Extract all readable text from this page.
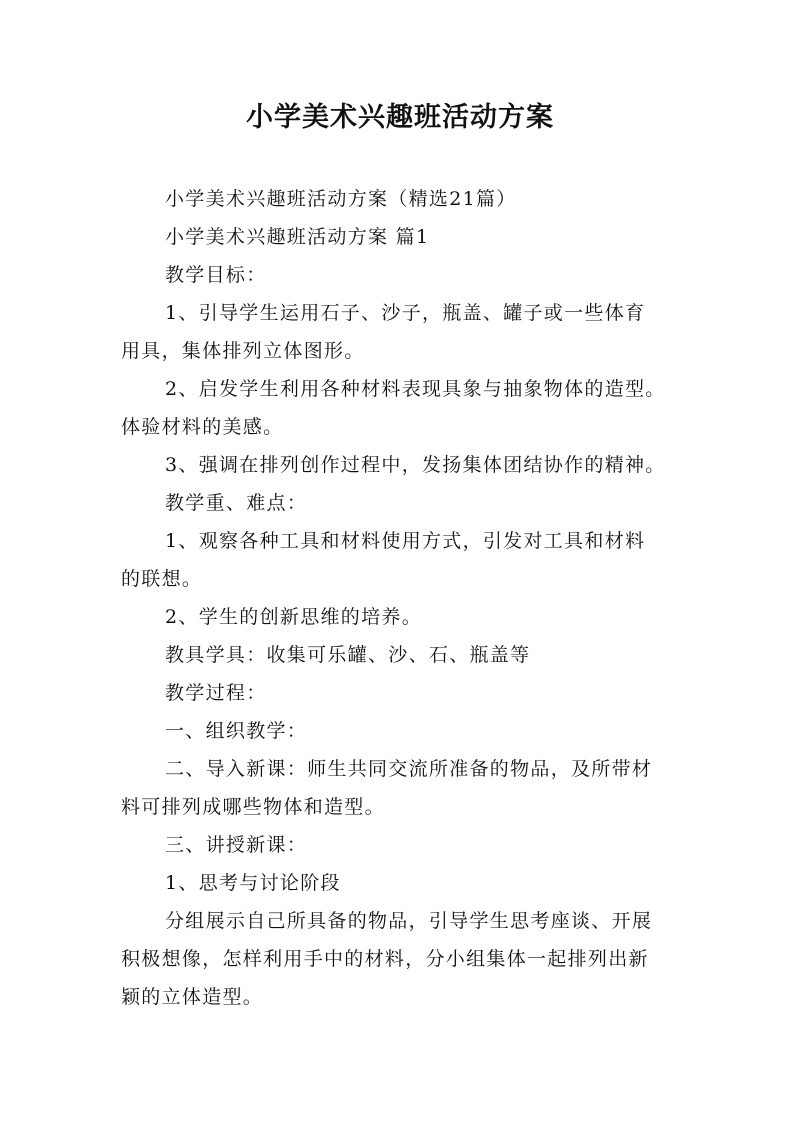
小学美术兴趣班活动方案

小学美术兴趣班活动方案（精选21篇）

小学美术兴趣班活动方案 篇1

教学目标：

1、引导学生运用石子、沙子，瓶盖、罐子或一些体育
用具，集体排列立体图形。

2、启发学生利用各种材料表现具象与抽象物体的造型。
体验材料的美感。

3、强调在排列创作过程中，发扬集体团结协作的精神。

教学重、难点：

1、观察各种工具和材料使用方式，引发对工具和材料
的联想。

2、学生的创新思维的培养。

教具学具：收集可乐罐、沙、石、瓶盖等

教学过程：

一、组织教学：

二、导入新课：师生共同交流所准备的物品，及所带材
料可排列成哪些物体和造型。

三、讲授新课：

1、思考与讨论阶段

分组展示自己所具备的物品，引导学生思考座谈、开展
积极想像，怎样利用手中的材料，分小组集体一起排列出新
颖的立体造型。
